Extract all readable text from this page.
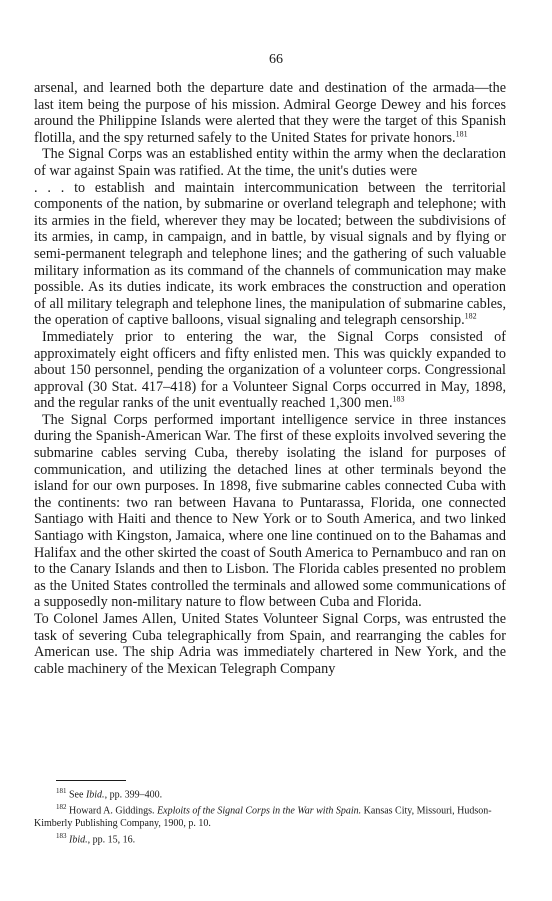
66

arsenal, and learned both the departure date and destination of the armada—the last item being the purpose of his mission. Admiral George Dewey and his forces around the Philippine Islands were alerted that they were the target of this Spanish flotilla, and the spy returned safely to the United States for private honors.$^{181}$

The Signal Corps was an established entity within the army when the declaration of war against Spain was ratified. At the time, the unit's duties were

. . . to establish and maintain intercommunication between the territorial components of the nation, by submarine or overland telegraph and telephone; with its armies in the field, wherever they may be located; between the subdivisions of its armies, in camp, in campaign, and in battle, by visual signals and by flying or semi-permanent telegraph and telephone lines; and the gathering of such valuable military information as its command of the channels of communication may make possible. As its duties indicate, its work embraces the construction and operation of all military telegraph and telephone lines, the manipulation of submarine cables, the operation of captive balloons, visual signaling and telegraph censorship.$^{182}$

Immediately prior to entering the war, the Signal Corps consisted of approximately eight officers and fifty enlisted men. This was quickly expanded to about 150 personnel, pending the organization of a volunteer corps. Congressional approval (30 Stat. 417–418) for a Volunteer Signal Corps occurred in May, 1898, and the regular ranks of the unit eventually reached 1,300 men.$^{183}$

The Signal Corps performed important intelligence service in three instances during the Spanish-American War. The first of these exploits involved severing the submarine cables serving Cuba, thereby isolating the island for purposes of communication, and utilizing the detached lines at other terminals beyond the island for our own purposes. In 1898, five submarine cables connected Cuba with the continents: two ran between Havana to Puntarassa, Florida, one connected Santiago with Haiti and thence to New York or to South America, and two linked Santiago with Kingston, Jamaica, where one line continued on to the Bahamas and Halifax and the other skirted the coast of South America to Pernambuco and ran on to the Canary Islands and then to Lisbon. The Florida cables presented no problem as the United States controlled the terminals and allowed some communications of a supposedly non-military nature to flow between Cuba and Florida.

To Colonel James Allen, United States Volunteer Signal Corps, was entrusted the task of severing Cuba telegraphically from Spain, and rearranging the cables for American use. The ship Adria was immediately chartered in New York, and the cable machinery of the Mexican Telegraph Company

$^{181}$ See Ibid., pp. 399–400.

$^{182}$ Howard A. Giddings. Exploits of the Signal Corps in the War with Spain. Kansas City, Missouri, Hudson-Kimberly Publishing Company, 1900, p. 10.

$^{183}$ Ibid., pp. 15, 16.
